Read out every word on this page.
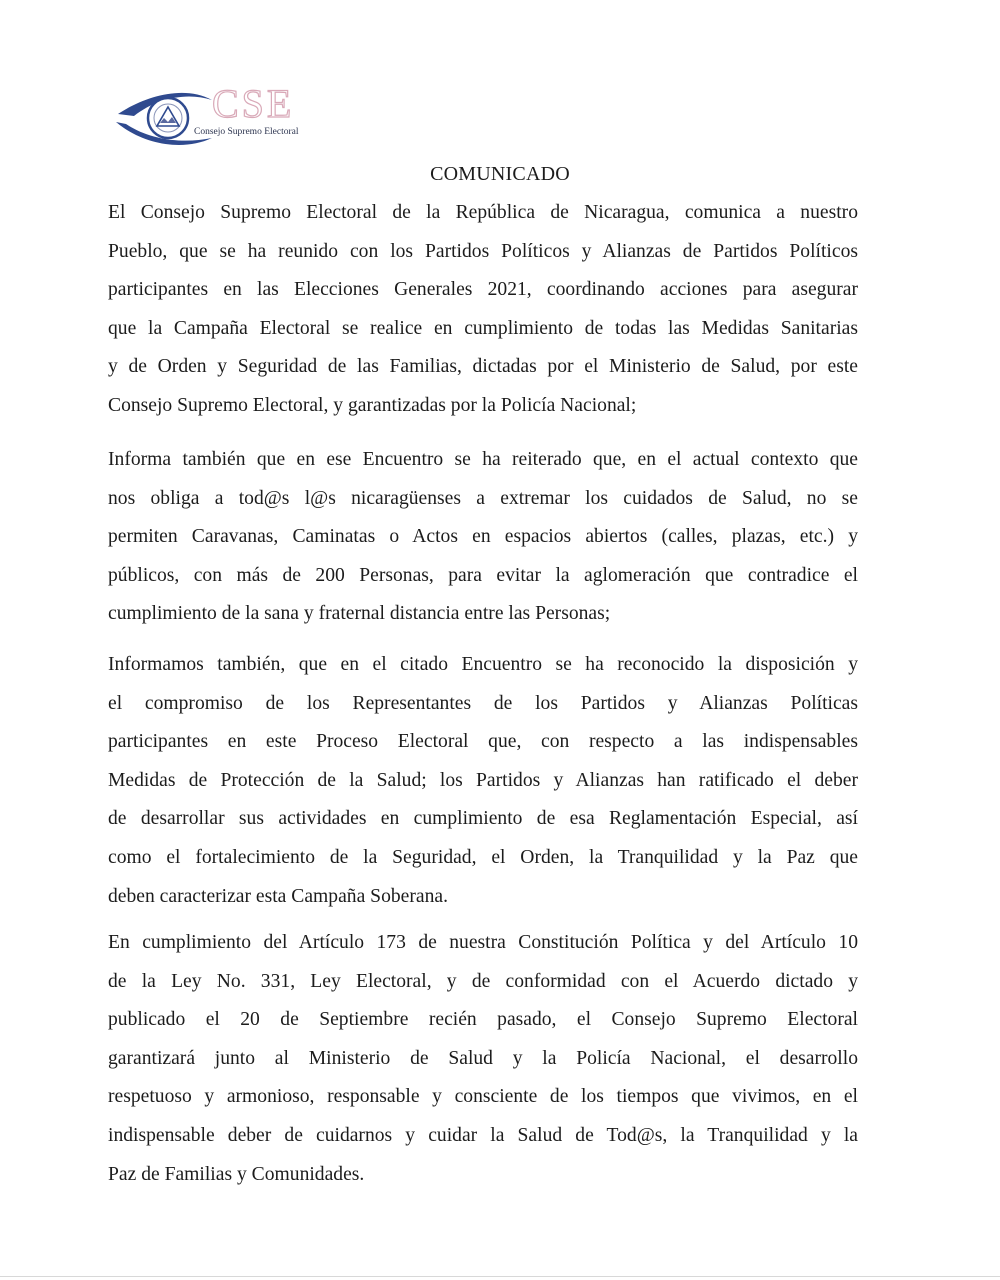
CSE
Consejo Supremo Electoral
COMUNICADO
El Consejo Supremo Electoral de la República de Nicaragua, comunica a nuestro
Pueblo, que se ha reunido con los Partidos Políticos y Alianzas de Partidos Políticos
participantes en las Elecciones Generales 2021, coordinando acciones para asegurar
que la Campaña Electoral se realice en cumplimiento de todas las Medidas Sanitarias
y de Orden y Seguridad de las Familias, dictadas por el Ministerio de Salud, por este
Consejo Supremo Electoral, y garantizadas por la Policía Nacional;
Informa también que en ese Encuentro se ha reiterado que, en el actual contexto que
nos obliga a tod@s l@s nicaragüenses a extremar los cuidados de Salud, no se
permiten Caravanas, Caminatas o Actos en espacios abiertos (calles, plazas, etc.) y
públicos, con más de 200 Personas, para evitar la aglomeración que contradice el
cumplimiento de la sana y fraternal distancia entre las Personas;
Informamos también, que en el citado Encuentro se ha reconocido la disposición y
el compromiso de los Representantes de los Partidos y Alianzas Políticas
participantes en este Proceso Electoral que, con respecto a las indispensables
Medidas de Protección de la Salud; los Partidos y Alianzas han ratificado el deber
de desarrollar sus actividades en cumplimiento de esa Reglamentación Especial, así
como el fortalecimiento de la Seguridad, el Orden, la Tranquilidad y la Paz que
deben caracterizar esta Campaña Soberana.
En cumplimiento del Artículo 173 de nuestra Constitución Política y del Artículo 10
de la Ley No. 331, Ley Electoral, y de conformidad con el Acuerdo dictado y
publicado el 20 de Septiembre recién pasado, el Consejo Supremo Electoral
garantizará junto al Ministerio de Salud y la Policía Nacional, el desarrollo
respetuoso y armonioso, responsable y consciente de los tiempos que vivimos, en el
indispensable deber de cuidarnos y cuidar la Salud de Tod@s, la Tranquilidad y la
Paz de Familias y Comunidades.
